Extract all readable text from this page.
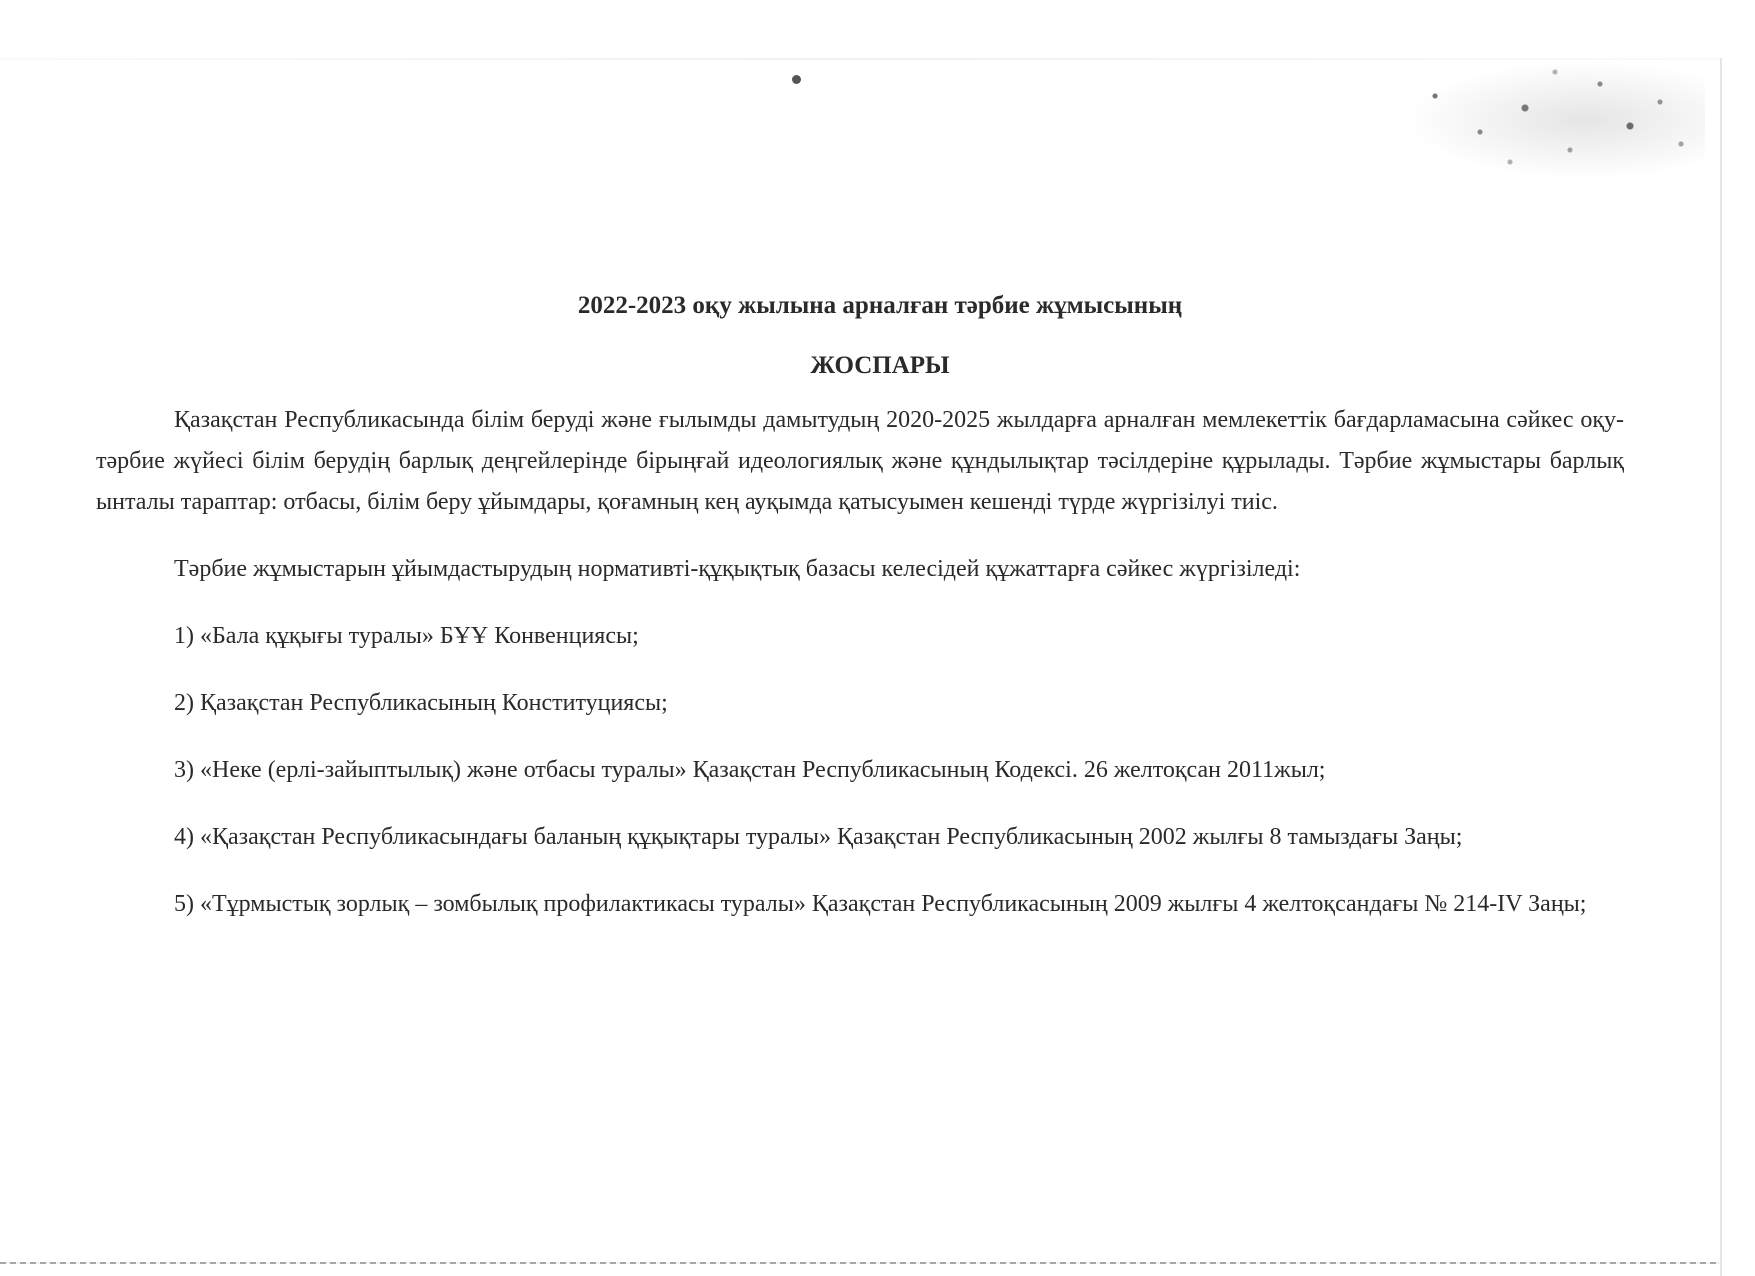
2022-2023 оқу жылына арналған тәрбие жұмысының
ЖОСПАРЫ

Қазақстан Республикасында білім беруді және ғылымды дамытудың 2020-2025 жылдарға арналған мемлекеттік бағдарламасына сәйкес оқу-тәрбие жүйесі білім берудің барлық деңгейлерінде бірыңғай идеологиялық және құндылықтар тәсілдеріне құрылады. Тәрбие жұмыстары барлық ынталы тараптар: отбасы, білім беру ұйымдары, қоғамның кең ауқымда қатысуымен кешенді түрде жүргізілуі тиіс.

Тәрбие жұмыстарын ұйымдастырудың нормативті-құқықтық базасы келесідей құжаттарға сәйкес жүргізіледі:

1) «Бала құқығы туралы» БҰҰ Конвенциясы;

2) Қазақстан Республикасының Конституциясы;

3) «Неке (ерлі-зайыптылық) және отбасы туралы» Қазақстан Республикасының Кодексі. 26 желтоқсан 2011жыл;

4) «Қазақстан Республикасындағы баланың құқықтары туралы» Қазақстан Республикасының 2002 жылғы 8 тамыздағы Заңы;

5) «Тұрмыстық зорлық – зомбылық профилактикасы туралы» Қазақстан Республикасының 2009 жылғы 4 желтоқсандағы № 214-IV Заңы;
